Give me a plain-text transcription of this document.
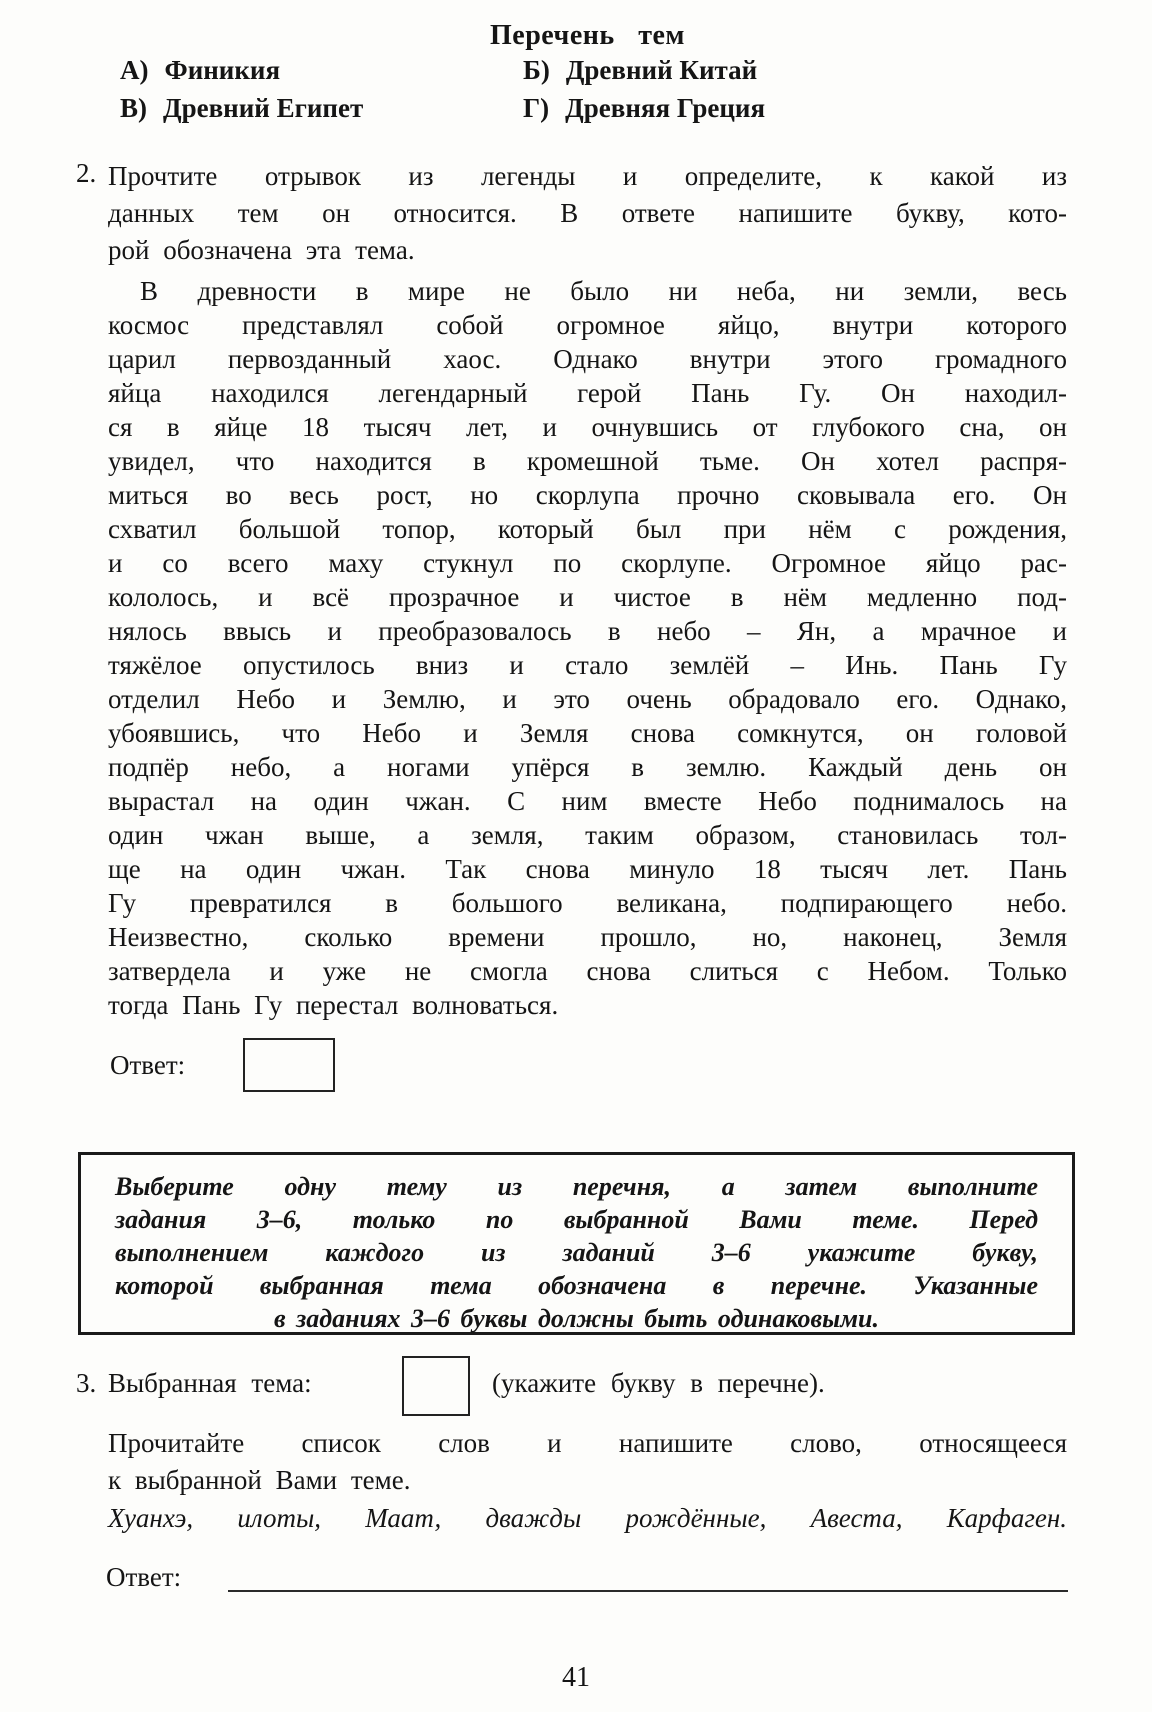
Перечень тем
А) Финикия	Б) Древний Китай
В) Древний Египет	Г) Древняя Греция
2. Прочтите отрывок из легенды и определите, к какой из
данных тем он относится. В ответе напишите букву, кото-
рой обозначена эта тема.
В древности в мире не было ни неба, ни земли, весь
космос представлял собой огромное яйцо, внутри которого
царил первозданный хаос. Однако внутри этого громадного
яйца находился легендарный герой Пань Гу. Он находил-
ся в яйце 18 тысяч лет, и очнувшись от глубокого сна, он
увидел, что находится в кромешной тьме. Он хотел распря-
миться во весь рост, но скорлупа прочно сковывала его. Он
схватил большой топор, который был при нём с рождения,
и со всего маху стукнул по скорлупе. Огромное яйцо рас-
кололось, и всё прозрачное и чистое в нём медленно под-
нялось ввысь и преобразовалось в небо – Ян, а мрачное и
тяжёлое опустилось вниз и стало землёй – Инь. Пань Гу
отделил Небо и Землю, и это очень обрадовало его. Однако,
убоявшись, что Небо и Земля снова сомкнутся, он головой
подпёр небо, а ногами упёрся в землю. Каждый день он
вырастал на один чжан. С ним вместе Небо поднималось на
один чжан выше, а земля, таким образом, становилась тол-
ще на один чжан. Так снова минуло 18 тысяч лет. Пань
Гу превратился в большого великана, подпирающего небо.
Неизвестно, сколько времени прошло, но, наконец, Земля
затвердела и уже не смогла снова слиться с Небом. Только
тогда Пань Гу перестал волноваться.
Ответ:
Выберите одну тему из перечня, а затем выполните
задания 3–6, только по выбранной Вами теме. Перед
выполнением каждого из заданий 3–6 укажите букву,
которой выбранная тема обозначена в перечне. Указанные
в заданиях 3–6 буквы должны быть одинаковыми.
3. Выбранная тема:	(укажите букву в перечне).
Прочитайте список слов и напишите слово, относящееся
к выбранной Вами теме.
Хуанхэ, илоты, Маат, дважды рождённые, Авеста, Карфаген.
Ответ:
41
